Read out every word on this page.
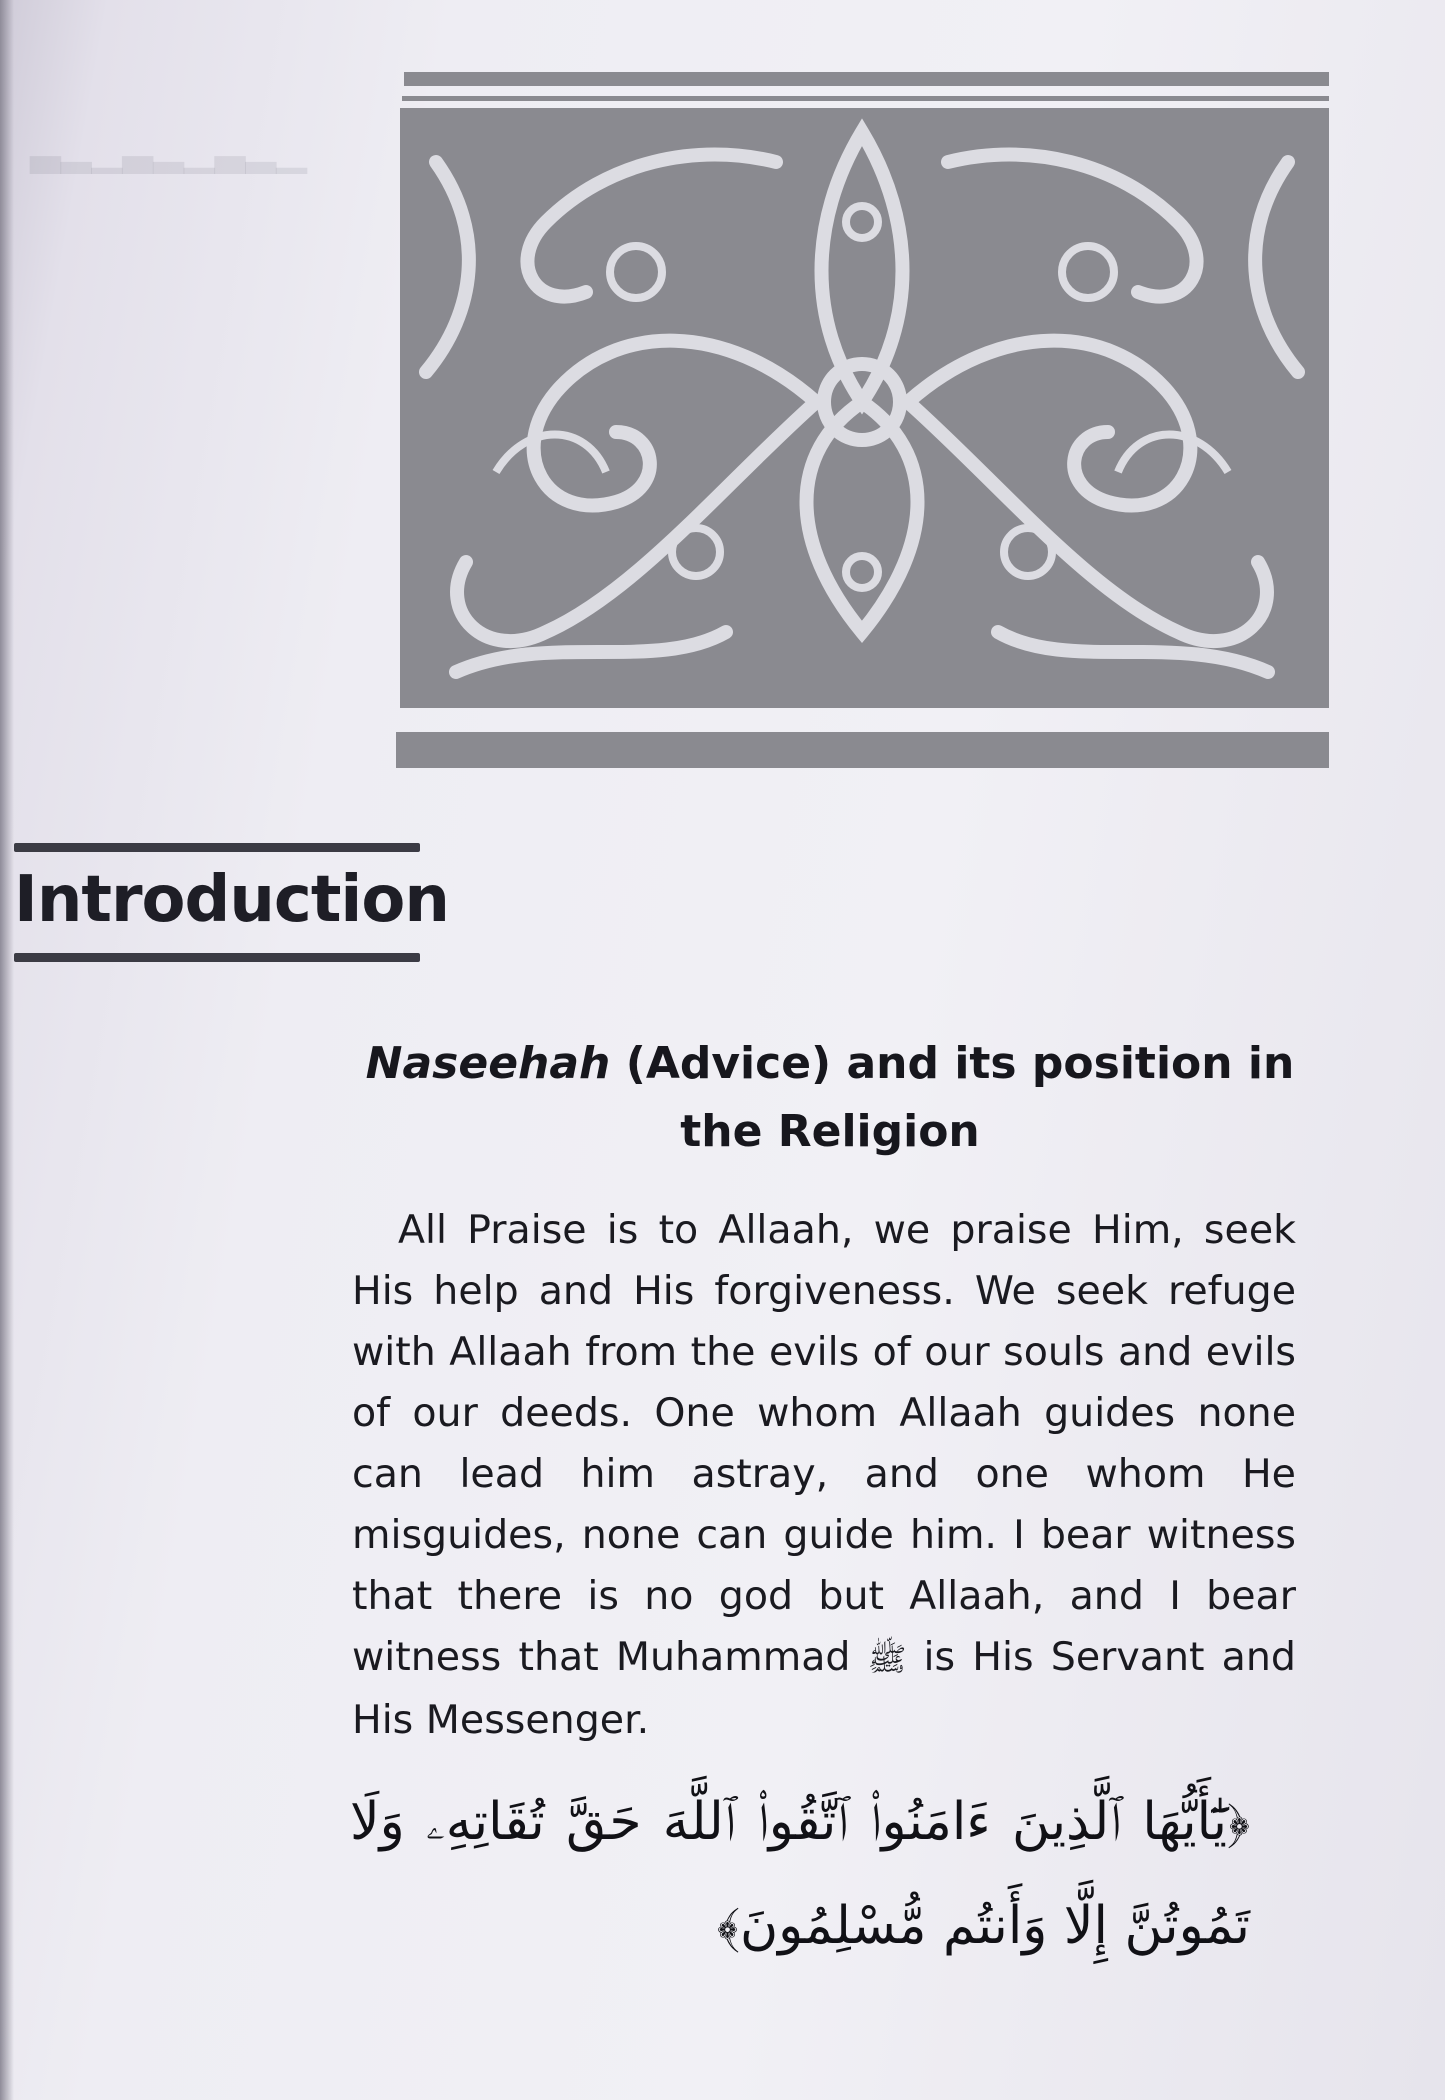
▁▂▃▁▂▃▁▂▃
Introduction
Naseehah (Advice) and its position in the Religion
All Praise is to Allaah, we praise Him, seek His help and His forgiveness. We seek refuge with Allaah from the evils of our souls and evils of our deeds. One whom Allaah guides none can lead him astray, and one whom He misguides, none can guide him. I bear witness that there is no god but Allaah, and I bear witness that Muhammad ﷺ is His Servant and His Messenger.
﴿يَٰٓأَيُّهَا ٱلَّذِينَ ءَامَنُوا۟ ٱتَّقُوا۟ ٱللَّهَ حَقَّ تُقَاتِهِۦ وَلَا تَمُوتُنَّ إِلَّا وَأَنتُم مُّسْلِمُونَ﴾
